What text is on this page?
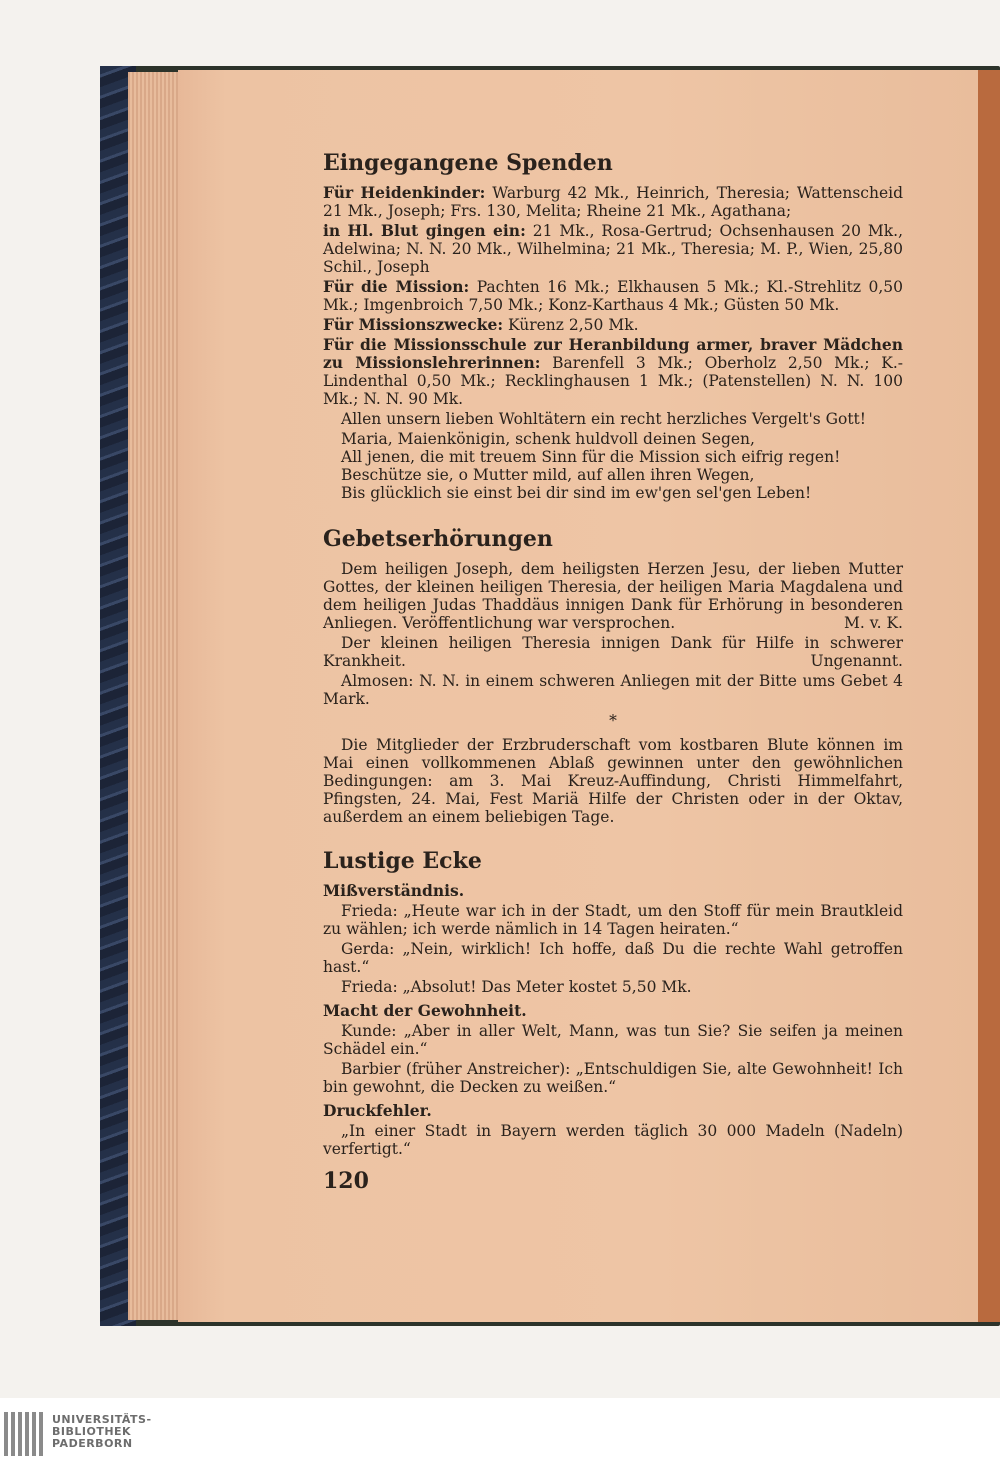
Eingegangene Spenden

Für Heidenkinder: Warburg 42 Mk., Heinrich, Theresia; Wattenscheid 21 Mk., Joseph; Frs. 130, Melita; Rheine 21 Mk., Agathana;

in Hl. Blut gingen ein: 21 Mk., Rosa-Gertrud; Ochsenhausen 20 Mk., Adelwina; N. N. 20 Mk., Wilhelmina; 21 Mk., Theresia; M. P., Wien, 25,80 Schil., Joseph

Für die Mission: Pachten 16 Mk.; Elkhausen 5 Mk.; Kl.-Strehlitz 0,50 Mk.; Imgenbroich 7,50 Mk.; Konz-Karthaus 4 Mk.; Güsten 50 Mk.

Für Missionszwecke: Kürenz 2,50 Mk.

Für die Missionsschule zur Heranbildung armer, braver Mädchen zu Missionslehrerinnen: Barenfell 3 Mk.; Oberholz 2,50 Mk.; K.-Lindenthal 0,50 Mk.; Recklinghausen 1 Mk.; (Patenstellen) N. N. 100 Mk.; N. N. 90 Mk.

Allen unsern lieben Wohltätern ein recht herzliches Vergelt's Gott!

Maria, Maienkönigin, schenk huldvoll deinen Segen,
All jenen, die mit treuem Sinn für die Mission sich eifrig regen!
Beschütze sie, o Mutter mild, auf allen ihren Wegen,
Bis glücklich sie einst bei dir sind im ew'gen sel'gen Leben!
Gebetserhörungen

Dem heiligen Joseph, dem heiligsten Herzen Jesu, der lieben Mutter Gottes, der kleinen heiligen Theresia, der heiligen Maria Magdalena und dem heiligen Judas Thaddäus innigen Dank für Erhörung in besonderen Anliegen. Veröffentlichung war versprochen.	M. v. K.

Der kleinen heiligen Theresia innigen Dank für Hilfe in schwerer Krankheit.	Ungenannt.

Almosen: N. N. in einem schweren Anliegen mit der Bitte ums Gebet 4 Mark.

*

Die Mitglieder der Erzbruderschaft vom kostbaren Blute können im Mai einen vollkommenen Ablaß gewinnen unter den gewöhnlichen Bedingungen: am 3. Mai Kreuz-Auffindung, Christi Himmelfahrt, Pfingsten, 24. Mai, Fest Mariä Hilfe der Christen oder in der Oktav, außerdem an einem beliebigen Tage.

Lustige Ecke
Mißverständnis.

Frieda: „Heute war ich in der Stadt, um den Stoff für mein Brautkleid zu wählen; ich werde nämlich in 14 Tagen heiraten.“

Gerda: „Nein, wirklich! Ich hoffe, daß Du die rechte Wahl getroffen hast.“

Frieda: „Absolut! Das Meter kostet 5,50 Mk.

Macht der Gewohnheit.

Kunde: „Aber in aller Welt, Mann, was tun Sie? Sie seifen ja meinen Schädel ein.“

Barbier (früher Anstreicher): „Entschuldigen Sie, alte Gewohnheit! Ich bin gewohnt, die Decken zu weißen.“

Druckfehler.

„In einer Stadt in Bayern werden täglich 30 000 Madeln (Nadeln) verfertigt.“

120
UNIVERSITÄTS-
BIBLIOTHEK
PADERBORN
